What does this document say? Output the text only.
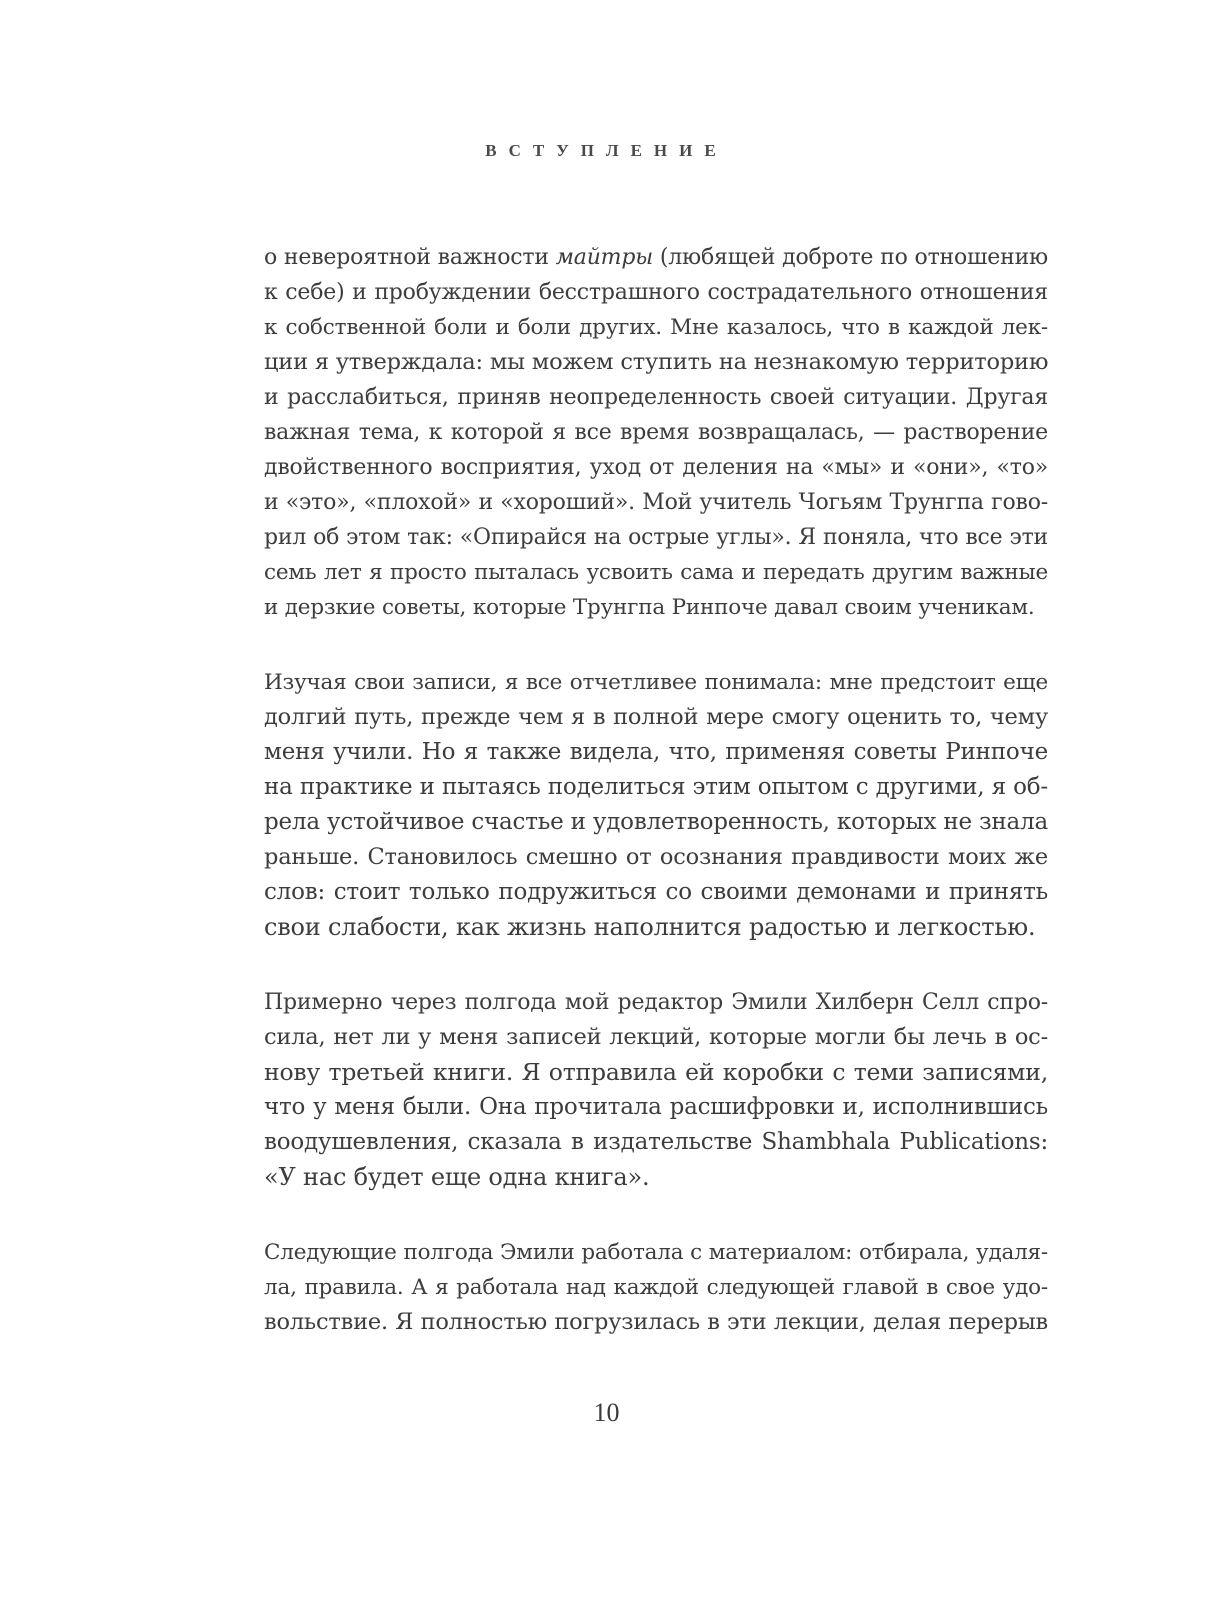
ВСТУПЛЕНИЕ
о невероятной важности майтры (любящей доброте по отношению
к себе) и пробуждении бесстрашного сострадательного отношения
к собственной боли и боли других. Мне казалось, что в каждой лек-
ции я утверждала: мы можем ступить на незнакомую территорию
и расслабиться, приняв неопределенность своей ситуации. Другая
важная тема, к которой я все время возвращалась, — растворение
двойственного восприятия, уход от деления на «мы» и «они», «то»
и «это», «плохой» и «хороший». Мой учитель Чогьям Трунгпа гово-
рил об этом так: «Опирайся на острые углы». Я поняла, что все эти
семь лет я просто пыталась усвоить сама и передать другим важные
и дерзкие советы, которые Трунгпа Ринпоче давал своим ученикам.
Изучая свои записи, я все отчетливее понимала: мне предстоит еще
долгий путь, прежде чем я в полной мере смогу оценить то, чему
меня учили. Но я также видела, что, применяя советы Ринпоче
на практике и пытаясь поделиться этим опытом с другими, я об-
рела устойчивое счастье и удовлетворенность, которых не знала
раньше. Становилось смешно от осознания правдивости моих же
слов: стоит только подружиться со своими демонами и принять
свои слабости, как жизнь наполнится радостью и легкостью.
Примерно через полгода мой редактор Эмили Хилберн Селл спро-
сила, нет ли у меня записей лекций, которые могли бы лечь в ос-
нову третьей книги. Я отправила ей коробки с теми записями,
что у меня были. Она прочитала расшифровки и, исполнившись
воодушевления, сказала в издательстве Shambhala Publications:
«У нас будет еще одна книга».
Следующие полгода Эмили работала с материалом: отбирала, удаля-
ла, правила. А я работала над каждой следующей главой в свое удо-
вольствие. Я полностью погрузилась в эти лекции, делая перерыв
10
